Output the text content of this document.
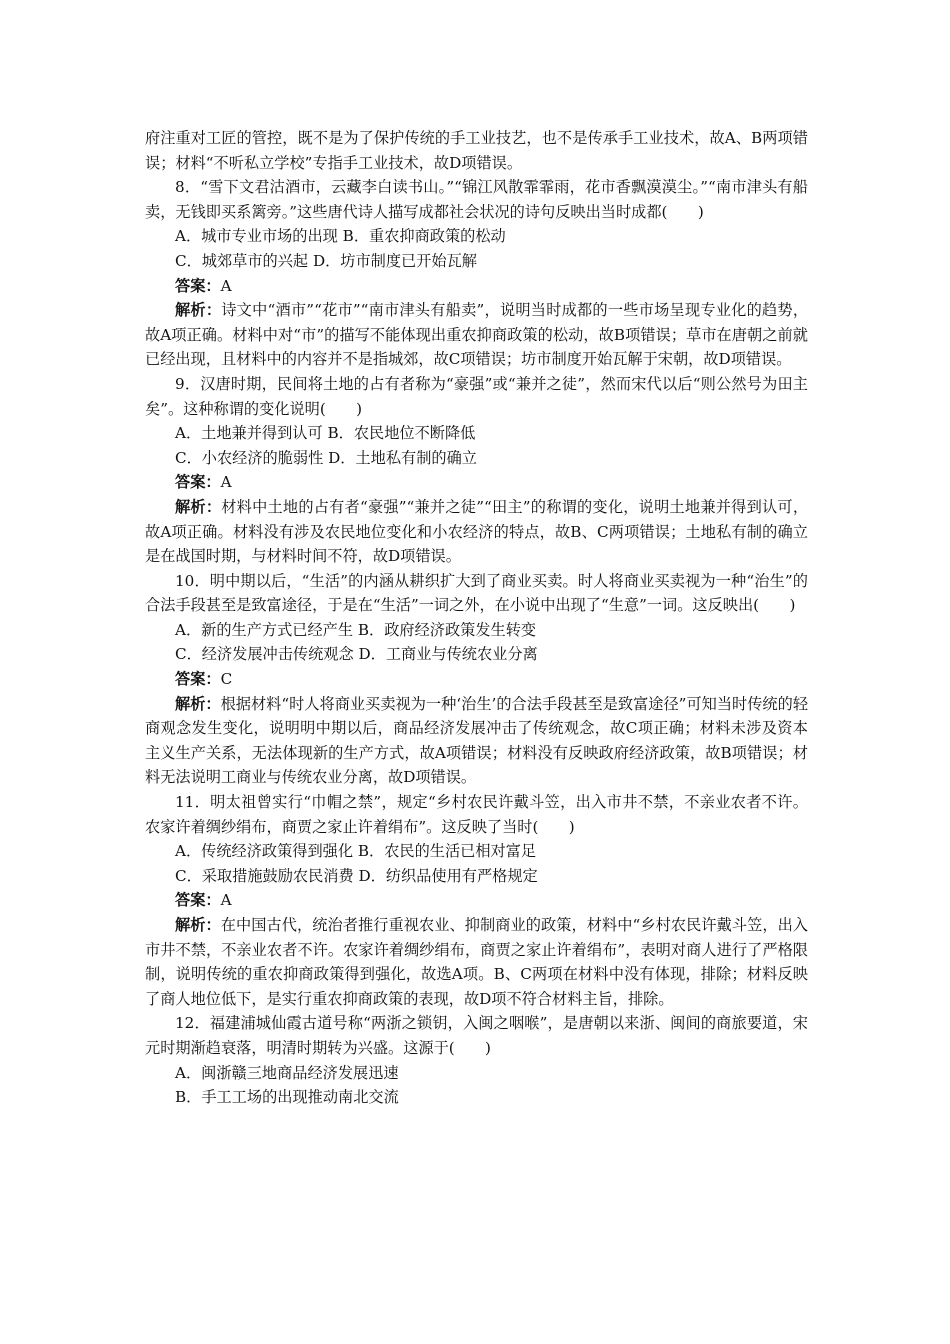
府注重对工匠的管控，既不是为了保护传统的手工业技艺，也不是传承手工业技术，故A、B两项错误；材料“不听私立学校”专指手工业技术，故D项错误。

8．“雪下文君沽酒市，云藏李白读书山。”“锦江风散霏霏雨，花市香飘漠漠尘。”“南市津头有船卖，无钱即买系篱旁。”这些唐代诗人描写成都社会状况的诗句反映出当时成都(　　)

A．城市专业市场的出现 B．重农抑商政策的松动

C．城郊草市的兴起 D．坊市制度已开始瓦解

答案：A

解析：诗文中“酒市”“花市”“南市津头有船卖”，说明当时成都的一些市场呈现专业化的趋势，故A项正确。材料中对“市”的描写不能体现出重农抑商政策的松动，故B项错误；草市在唐朝之前就已经出现，且材料中的内容并不是指城郊，故C项错误；坊市制度开始瓦解于宋朝，故D项错误。

9．汉唐时期，民间将土地的占有者称为“豪强”或“兼并之徒”，然而宋代以后“则公然号为田主矣”。这种称谓的变化说明(　　)

A．土地兼并得到认可 B．农民地位不断降低

C．小农经济的脆弱性 D．土地私有制的确立

答案：A

解析：材料中土地的占有者“豪强”“兼并之徒”“田主”的称谓的变化，说明土地兼并得到认可，故A项正确。材料没有涉及农民地位变化和小农经济的特点，故B、C两项错误；土地私有制的确立是在战国时期，与材料时间不符，故D项错误。

10．明中期以后，“生活”的内涵从耕织扩大到了商业买卖。时人将商业买卖视为一种“治生”的合法手段甚至是致富途径，于是在“生活”一词之外，在小说中出现了“生意”一词。这反映出(　　)

A．新的生产方式已经产生 B．政府经济政策发生转变

C．经济发展冲击传统观念 D．工商业与传统农业分离

答案：C

解析：根据材料“时人将商业买卖视为一种‘治生’的合法手段甚至是致富途径”可知当时传统的轻商观念发生变化，说明明中期以后，商品经济发展冲击了传统观念，故C项正确；材料未涉及资本主义生产关系，无法体现新的生产方式，故A项错误；材料没有反映政府经济政策，故B项错误；材料无法说明工商业与传统农业分离，故D项错误。

11．明太祖曾实行“巾帽之禁”，规定“乡村农民许戴斗笠，出入市井不禁，不亲业农者不许。农家许着绸纱绢布，商贾之家止许着绢布”。这反映了当时(　　)

A．传统经济政策得到强化 B．农民的生活已相对富足

C．采取措施鼓励农民消费 D．纺织品使用有严格规定

答案：A

解析：在中国古代，统治者推行重视农业、抑制商业的政策，材料中“乡村农民许戴斗笠，出入市井不禁，不亲业农者不许。农家许着绸纱绢布，商贾之家止许着绢布”，表明对商人进行了严格限制，说明传统的重农抑商政策得到强化，故选A项。B、C两项在材料中没有体现，排除；材料反映了商人地位低下，是实行重农抑商政策的表现，故D项不符合材料主旨，排除。

12．福建浦城仙霞古道号称“两浙之锁钥，入闽之咽喉”，是唐朝以来浙、闽间的商旅要道，宋元时期渐趋衰落，明清时期转为兴盛。这源于(　　)

A．闽浙赣三地商品经济发展迅速

B．手工工场的出现推动南北交流
